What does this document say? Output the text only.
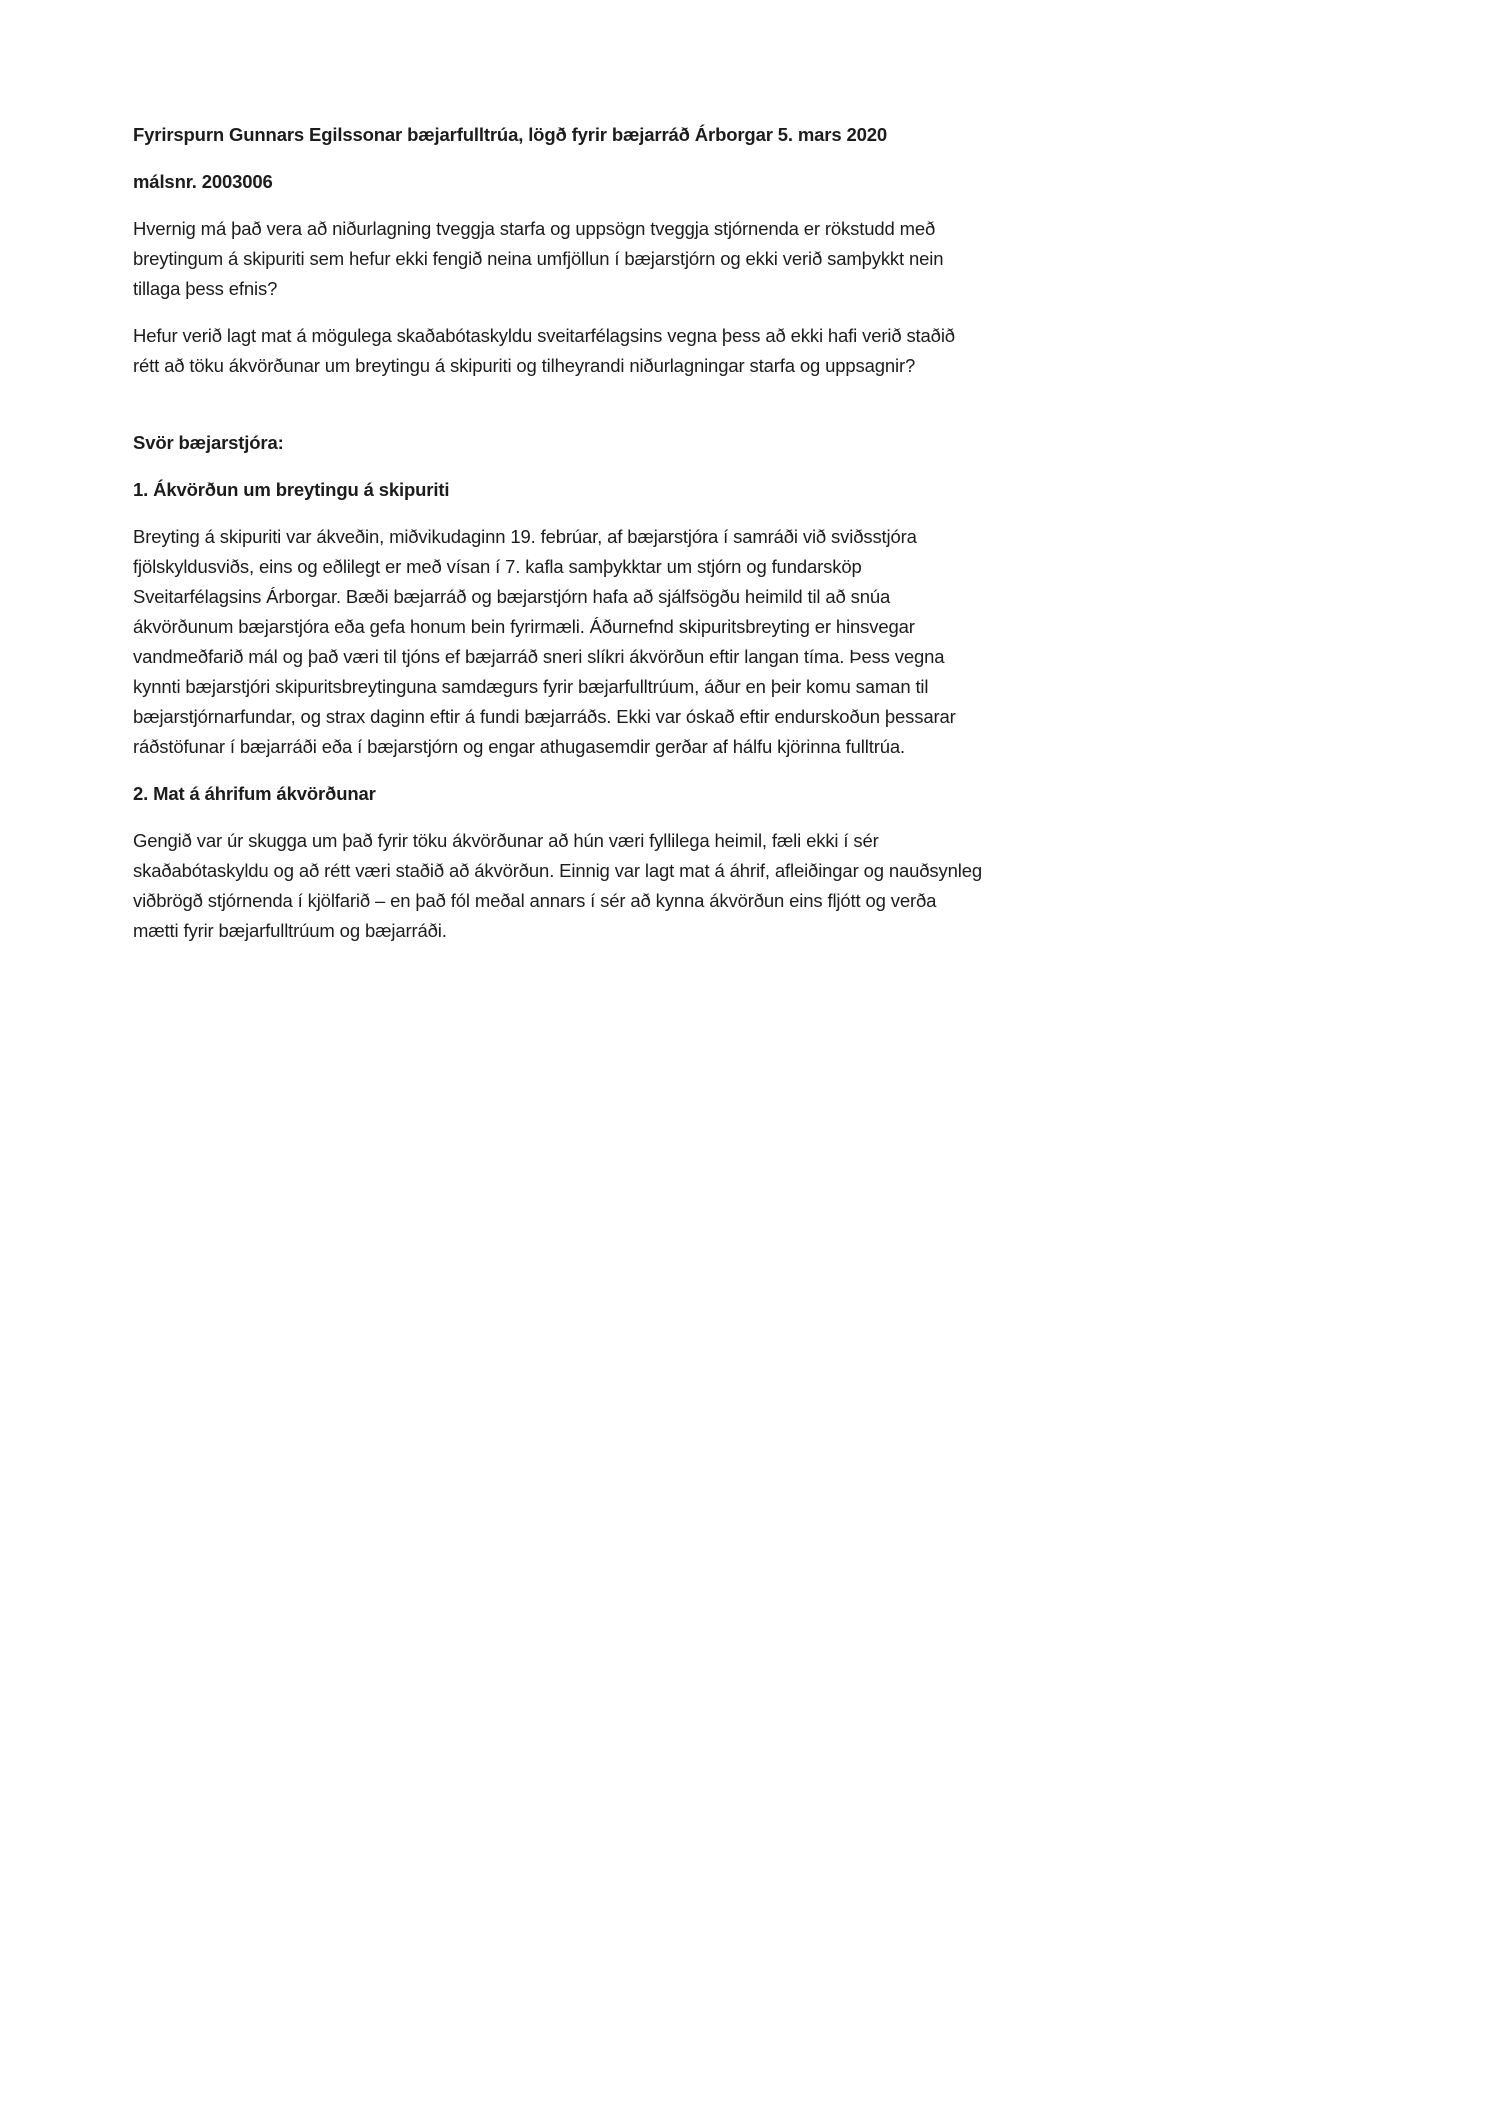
Fyrirspurn Gunnars Egilssonar bæjarfulltrúa, lögð fyrir bæjarráð Árborgar 5. mars 2020

málsnr. 2003006

Hvernig má það vera að niðurlagning tveggja starfa og uppsögn tveggja stjórnenda er rökstudd með breytingum á skipuriti sem hefur ekki fengið neina umfjöllun í bæjarstjórn og ekki verið samþykkt nein tillaga þess efnis?

Hefur verið lagt mat á mögulega skaðabótaskyldu sveitarfélagsins vegna þess að ekki hafi verið staðið rétt að töku ákvörðunar um breytingu á skipuriti og tilheyrandi niðurlagningar starfa og uppsagnir?

Svör bæjarstjóra:

1. Ákvörðun um breytingu á skipuriti

Breyting á skipuriti var ákveðin, miðvikudaginn 19. febrúar, af bæjarstjóra í samráði við sviðsstjóra fjölskyldusviðs, eins og eðlilegt er með vísan í 7. kafla samþykktar um stjórn og fundarsköp Sveitarfélagsins Árborgar. Bæði bæjarráð og bæjarstjórn hafa að sjálfsögðu heimild til að snúa ákvörðunum bæjarstjóra eða gefa honum bein fyrirmæli. Áðurnefnd skipuritsbreyting er hinsvegar vandmeðfarið mál og það væri til tjóns ef bæjarráð sneri slíkri ákvörðun eftir langan tíma. Þess vegna kynnti bæjarstjóri skipuritsbreytinguna samdægurs fyrir bæjarfulltrúum, áður en þeir komu saman til bæjarstjórnarfundar, og strax daginn eftir á fundi bæjarráðs. Ekki var óskað eftir endurskoðun þessarar ráðstöfunar í bæjarráði eða í bæjarstjórn og engar athugasemdir gerðar af hálfu kjörinna fulltrúa.

2. Mat á áhrifum ákvörðunar

Gengið var úr skugga um það fyrir töku ákvörðunar að hún væri fyllilega heimil, fæli ekki í sér skaðabótaskyldu og að rétt væri staðið að ákvörðun. Einnig var lagt mat á áhrif, afleiðingar og nauðsynleg viðbrögð stjórnenda í kjölfarið – en það fól meðal annars í sér að kynna ákvörðun eins fljótt og verða mætti fyrir bæjarfulltrúum og bæjarráði.
